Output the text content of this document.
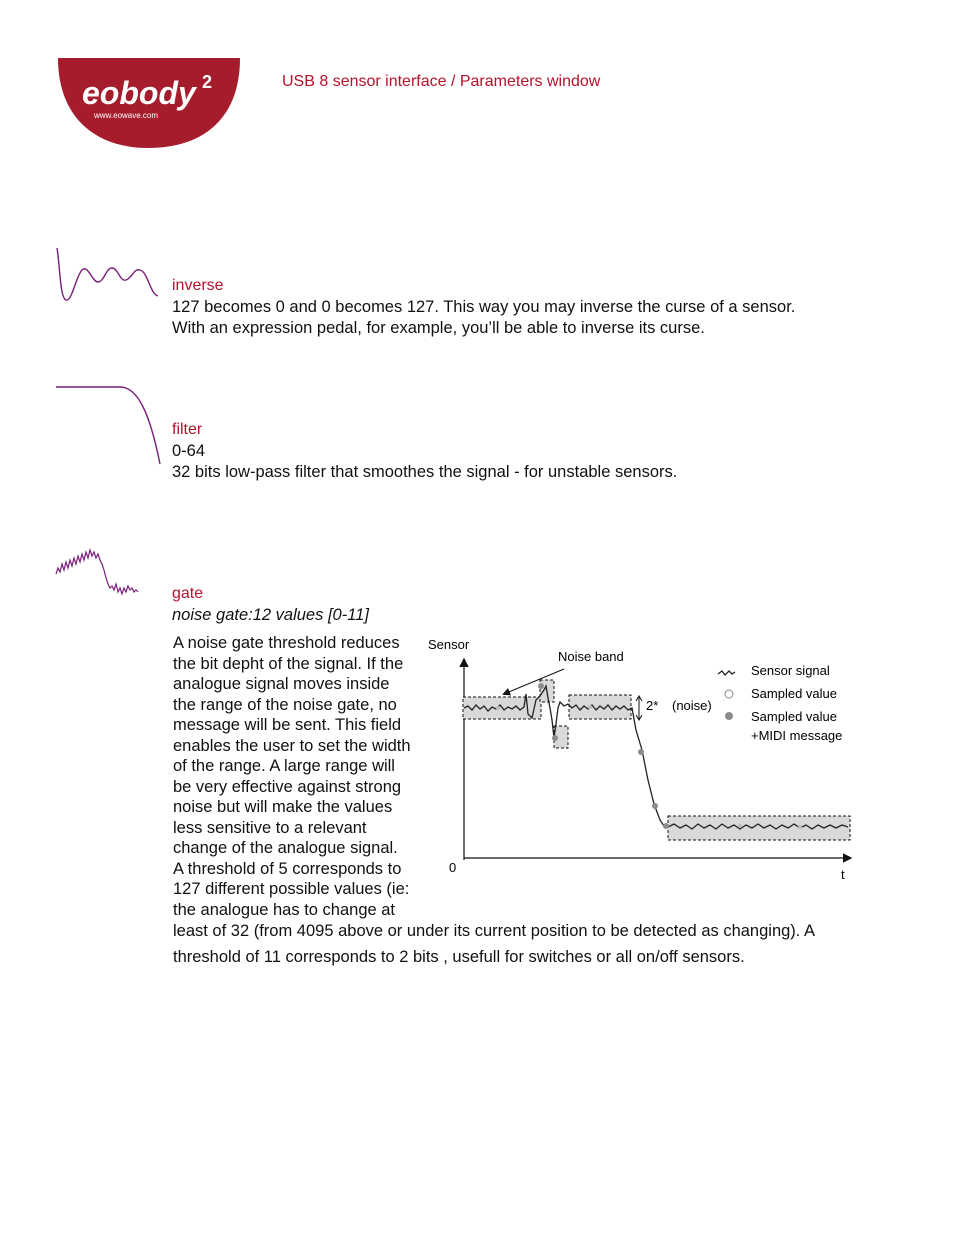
eobody 2
www.eowave.com
USB 8 sensor interface / Parameters window
inverse
127 becomes 0 and 0 becomes 127. This way you may inverse the curse of a sensor.
With an expression pedal, for example, you’ll be able to inverse its curse.
filter
0-64
32 bits low-pass filter that smoothes the signal - for unstable sensors.
gate
noise gate:12 values [0-11]
A noise gate threshold reduces
the bit depht of the signal. If the
analogue signal moves inside
the range of the noise gate, no
message will be sent. This field
enables the user to set the width
of the range. A large range will
be very effective against strong
noise but will make the values
less sensitive to a relevant
change of the analogue signal.
A threshold of 5 corresponds to
127 different possible values (ie:
the analogue has to change at
least of 32 (from 4095 above or under its current position to be detected as changing). A
threshold of 11 corresponds to 2 bits , usefull for switches or all on/off sensors.
Sensor
0	t
Noise band
2* (noise)
Sensor signal
Sampled value
Sampled value
+MIDI message
